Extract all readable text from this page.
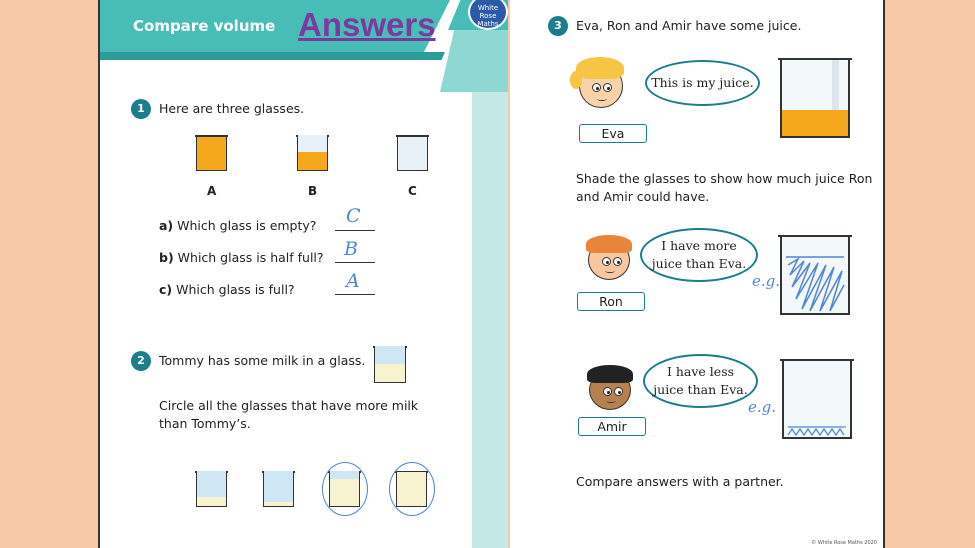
Compare volume Answers	White Rose Maths
1	Here are three glasses.
A	B	C
a) Which glass is empty? C
b) Which glass is half full? B
c) Which glass is full?	A
2	Tommy has some milk in a glass.
Circle all the glasses that have more milk
than Tommy’s.
3	Eva, Ron and Amir have some juice.
This is my juice.
Eva
Shade the glasses to show how much juice Ron
and Amir could have.
I have more
juice than Eva.
Ron
e.g.
I have less
juice than Eva.
Amir
e.g.
Compare answers with a partner.
© White Rose Maths 2020
